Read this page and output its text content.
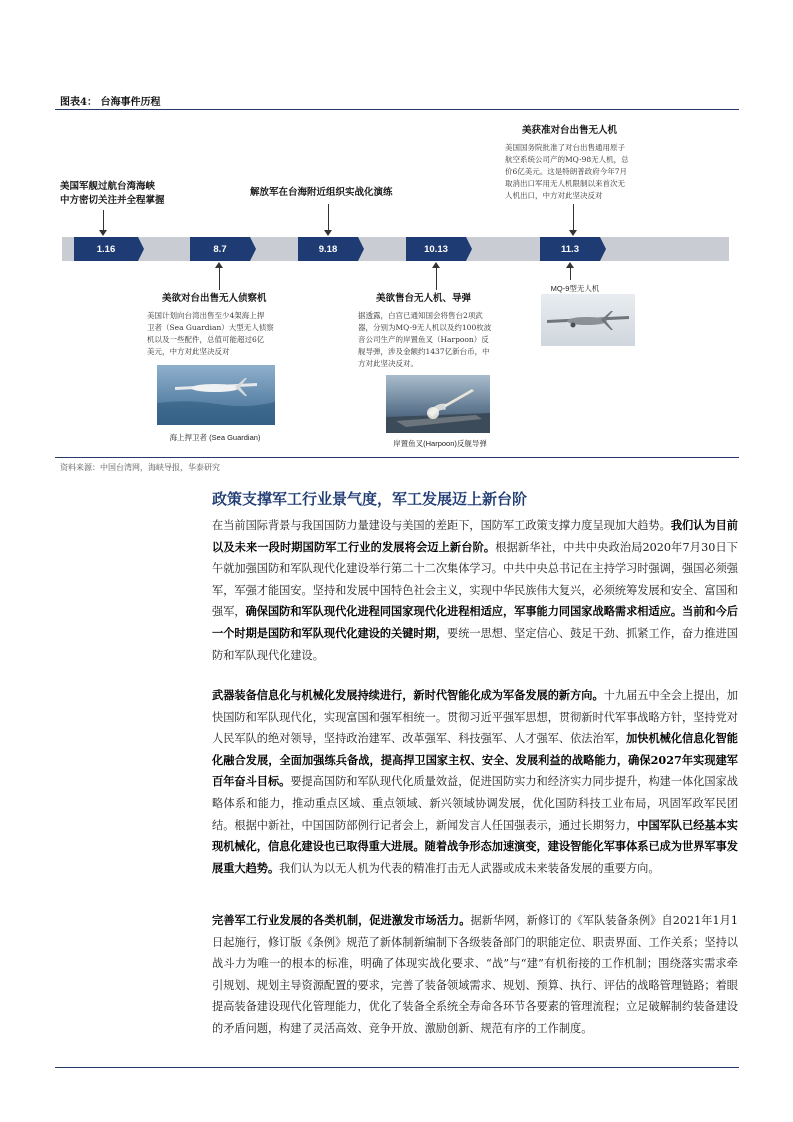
图表4： 台海事件历程
美国军舰过航台湾海峡
中方密切关注并全程掌握
解放军在台海附近组织实战化演练
美获准对台出售无人机
美国国务院批准了对台出售通用原子
航空系统公司产的MQ-98无人机，总
价6亿美元。这是特朗普政府今年7月
取消出口军用无人机限制以来首次无
人机出口，中方对此坚决反对
1.16	8.7	9.18	10.13	11.3
美欲对台出售无人侦察机
美国计划向台湾出售至少4架海上捍
卫者（Sea Guardian）大型无人侦察
机以及一些配件，总值可能超过6亿
美元，中方对此坚决反对
美欲售台无人机、导弹
据透露，白宫已通知国会将售台2项武
器，分别为MQ-9无人机以及约100枚波
音公司生产的岸置鱼叉（Harpoon）反
舰导弹，涉及金额约1437亿新台币，中
方对此坚决反对。
MQ-9型无人机
海上捍卫者 (Sea Guardian)
岸置鱼叉(Harpoon)反舰导弹
资料来源：中国台湾网，海峡导报，华泰研究
政策支撑军工行业景气度，军工发展迈上新台阶
在当前国际背景与我国国防力量建设与美国的差距下，国防军工政策支撑力度呈现加大趋势。我们认为目前以及未来一段时期国防军工行业的发展将会迈上新台阶。根据新华社，中共中央政治局2020年7月30日下午就加强国防和军队现代化建设举行第二十二次集体学习。中共中央总书记在主持学习时强调，强国必须强军，军强才能国安。坚持和发展中国特色社会主义，实现中华民族伟大复兴，必须统筹发展和安全、富国和强军，确保国防和军队现代化进程同国家现代化进程相适应，军事能力同国家战略需求相适应。当前和今后一个时期是国防和军队现代化建设的关键时期，要统一思想、坚定信心、鼓足干劲、抓紧工作，奋力推进国防和军队现代化建设。
武器装备信息化与机械化发展持续进行，新时代智能化成为军备发展的新方向。十九届五中全会上提出，加快国防和军队现代化，实现富国和强军相统一。贯彻习近平强军思想，贯彻新时代军事战略方针，坚持党对人民军队的绝对领导，坚持政治建军、改革强军、科技强军、人才强军、依法治军，加快机械化信息化智能化融合发展，全面加强练兵备战，提高捍卫国家主权、安全、发展利益的战略能力，确保2027年实现建军百年奋斗目标。要提高国防和军队现代化质量效益，促进国防实力和经济实力同步提升，构建一体化国家战略体系和能力，推动重点区域、重点领域、新兴领域协调发展，优化国防科技工业布局，巩固军政军民团结。根据中新社，中国国防部例行记者会上，新闻发言人任国强表示，通过长期努力，中国军队已经基本实现机械化，信息化建设也已取得重大进展。随着战争形态加速演变，建设智能化军事体系已成为世界军事发展重大趋势。我们认为以无人机为代表的精准打击无人武器或成未来装备发展的重要方向。
完善军工行业发展的各类机制，促进激发市场活力。据新华网，新修订的《军队装备条例》自2021年1月1日起施行，修订版《条例》规范了新体制新编制下各级装备部门的职能定位、职责界面、工作关系；坚持以战斗力为唯一的根本的标准，明确了体现实战化要求、“战”与“建”有机衔接的工作机制；围绕落实需求牵引规划、规划主导资源配置的要求，完善了装备领域需求、规划、预算、执行、评估的战略管理链路；着眼提高装备建设现代化管理能力，优化了装备全系统全寿命各环节各要素的管理流程；立足破解制约装备建设的矛盾问题，构建了灵活高效、竞争开放、激励创新、规范有序的工作制度。
